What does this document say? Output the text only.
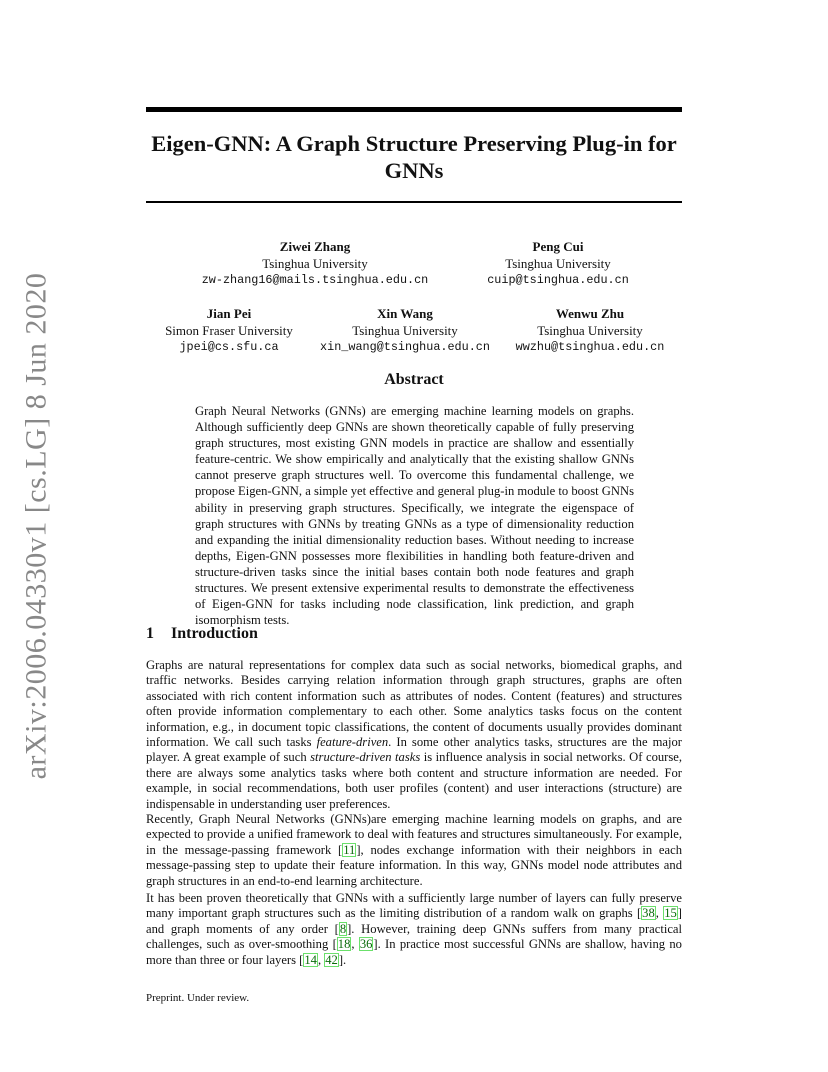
arXiv:2006.04330v1 [cs.LG] 8 Jun 2020
Eigen-GNN: A Graph Structure Preserving Plug-in for GNNs
Ziwei Zhang
Tsinghua University
zw-zhang16@mails.tsinghua.edu.cn
Peng Cui
Tsinghua University
cuip@tsinghua.edu.cn
Jian Pei
Simon Fraser University
jpei@cs.sfu.ca
Xin Wang
Tsinghua University
xin_wang@tsinghua.edu.cn
Wenwu Zhu
Tsinghua University
wwzhu@tsinghua.edu.cn
Abstract

Graph Neural Networks (GNNs) are emerging machine learning models on graphs. Although sufficiently deep GNNs are shown theoretically capable of fully preserving graph structures, most existing GNN models in practice are shallow and essentially feature-centric. We show empirically and analytically that the existing shallow GNNs cannot preserve graph structures well. To overcome this fundamental challenge, we propose Eigen-GNN, a simple yet effective and general plug-in module to boost GNNs ability in preserving graph structures. Specifically, we integrate the eigenspace of graph structures with GNNs by treating GNNs as a type of dimensionality reduction and expanding the initial dimensionality reduction bases. Without needing to increase depths, Eigen-GNN possesses more flexibilities in handling both feature-driven and structure-driven tasks since the initial bases contain both node features and graph structures. We present extensive experimental results to demonstrate the effectiveness of Eigen-GNN for tasks including node classification, link prediction, and graph isomorphism tests.

1 Introduction

Graphs are natural representations for complex data such as social networks, biomedical graphs, and traffic networks. Besides carrying relation information through graph structures, graphs are often associated with rich content information such as attributes of nodes. Content (features) and structures often provide information complementary to each other. Some analytics tasks focus on the content information, e.g., in document topic classifications, the content of documents usually provides dominant information. We call such tasks feature-driven. In some other analytics tasks, structures are the major player. A great example of such structure-driven tasks is influence analysis in social networks. Of course, there are always some analytics tasks where both content and structure information are needed. For example, in social recommendations, both user profiles (content) and user interactions (structure) are indispensable in understanding user preferences.

Recently, Graph Neural Networks (GNNs)are emerging machine learning models on graphs, and are expected to provide a unified framework to deal with features and structures simultaneously. For example, in the message-passing framework [11], nodes exchange information with their neighbors in each message-passing step to update their feature information. In this way, GNNs model node attributes and graph structures in an end-to-end learning architecture.

It has been proven theoretically that GNNs with a sufficiently large number of layers can fully preserve many important graph structures such as the limiting distribution of a random walk on graphs [38, 15] and graph moments of any order [8]. However, training deep GNNs suffers from many practical challenges, such as over-smoothing [18, 36]. In practice most successful GNNs are shallow, having no more than three or four layers [14, 42].

Preprint. Under review.
